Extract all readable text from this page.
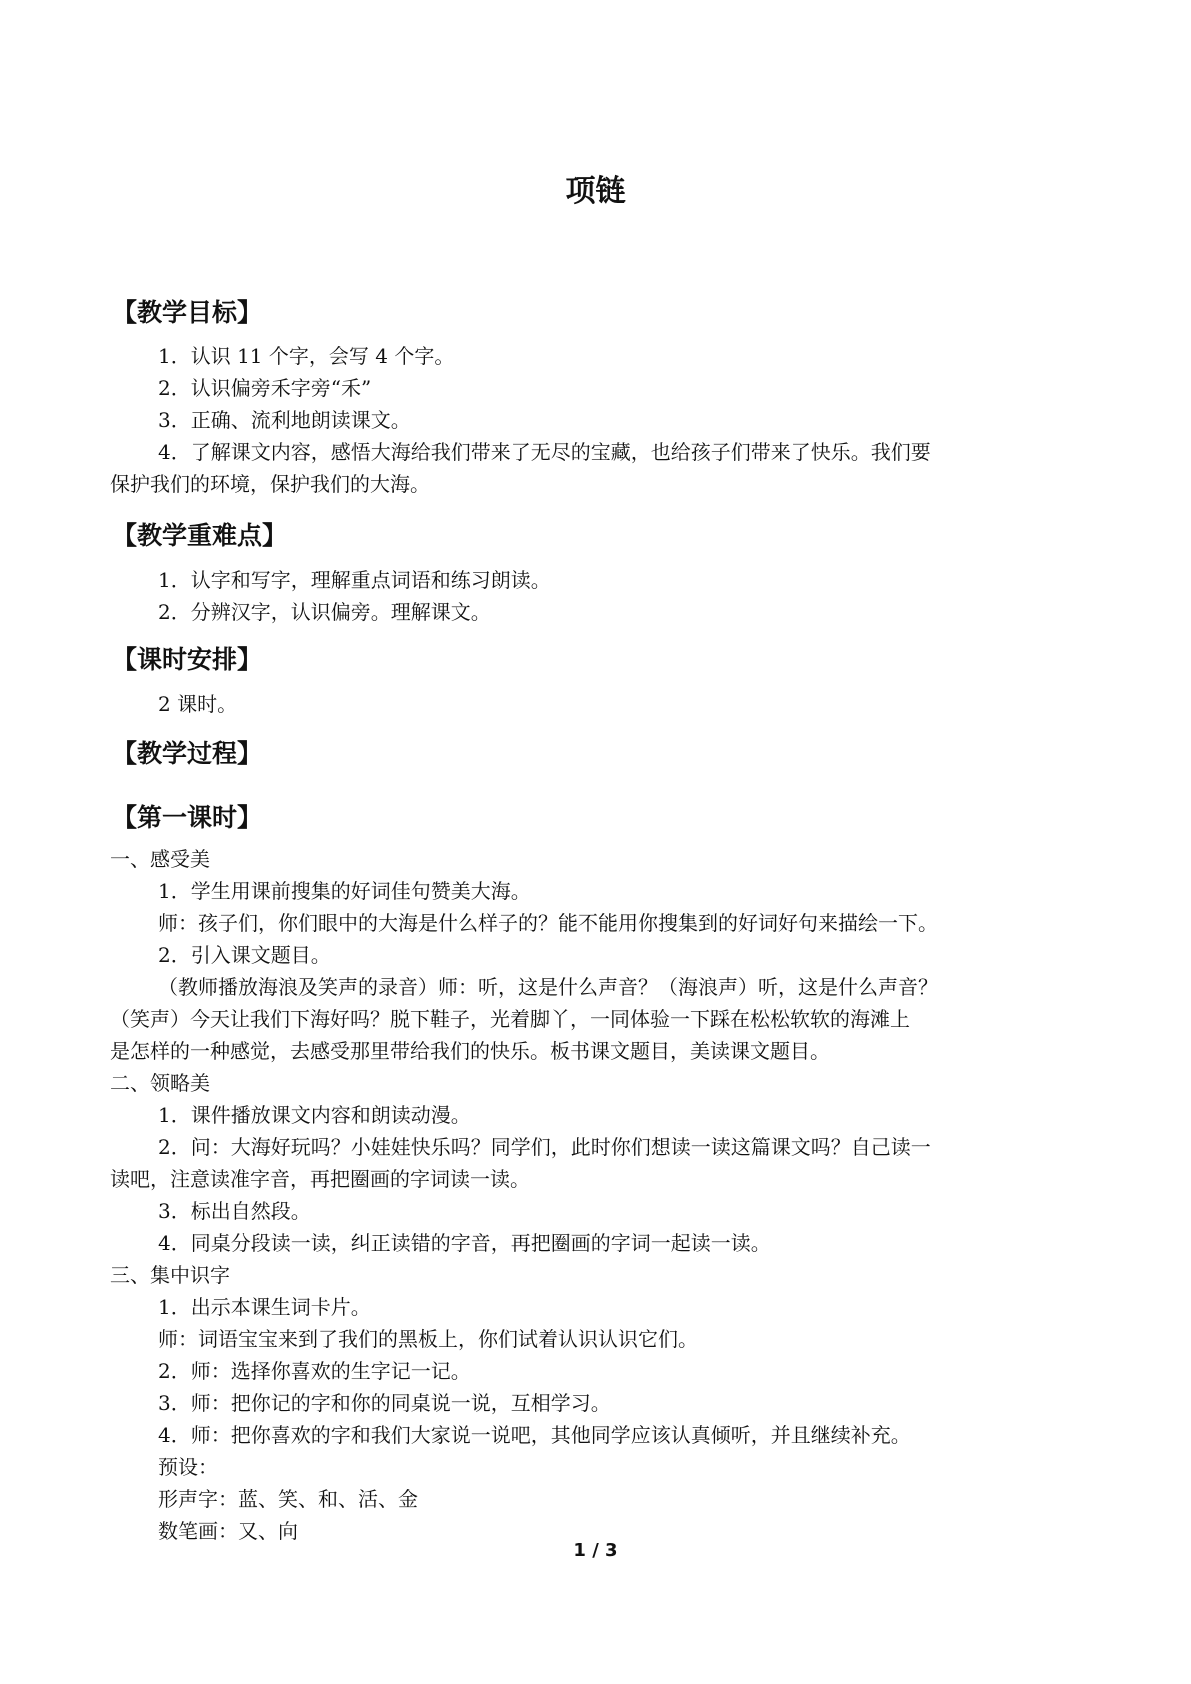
项链
【教学目标】
1．认识 11 个字，会写 4 个字。
2．认识偏旁禾字旁“禾”
3．正确、流利地朗读课文。
4．了解课文内容，感悟大海给我们带来了无尽的宝藏，也给孩子们带来了快乐。我们要
保护我们的环境，保护我们的大海。
【教学重难点】
1．认字和写字，理解重点词语和练习朗读。
2．分辨汉字，认识偏旁。理解课文。
【课时安排】
2 课时。
【教学过程】
【第一课时】
一、感受美
1．学生用课前搜集的好词佳句赞美大海。
师：孩子们，你们眼中的大海是什么样子的？能不能用你搜集到的好词好句来描绘一下。
2．引入课文题目。
（教师播放海浪及笑声的录音）师：听，这是什么声音？（海浪声）听，这是什么声音？
（笑声）今天让我们下海好吗？脱下鞋子，光着脚丫，一同体验一下踩在松松软软的海滩上
是怎样的一种感觉，去感受那里带给我们的快乐。板书课文题目，美读课文题目。
二、领略美
1．课件播放课文内容和朗读动漫。
2．问：大海好玩吗？小娃娃快乐吗？同学们，此时你们想读一读这篇课文吗？自己读一
读吧，注意读准字音，再把圈画的字词读一读。
3．标出自然段。
4．同桌分段读一读，纠正读错的字音，再把圈画的字词一起读一读。
三、集中识字
1．出示本课生词卡片。
师：词语宝宝来到了我们的黑板上，你们试着认识认识它们。
2．师：选择你喜欢的生字记一记。
3．师：把你记的字和你的同桌说一说，互相学习。
4．师：把你喜欢的字和我们大家说一说吧，其他同学应该认真倾听，并且继续补充。
预设：
形声字：蓝、笑、和、活、金
数笔画：又、向
1 / 3
